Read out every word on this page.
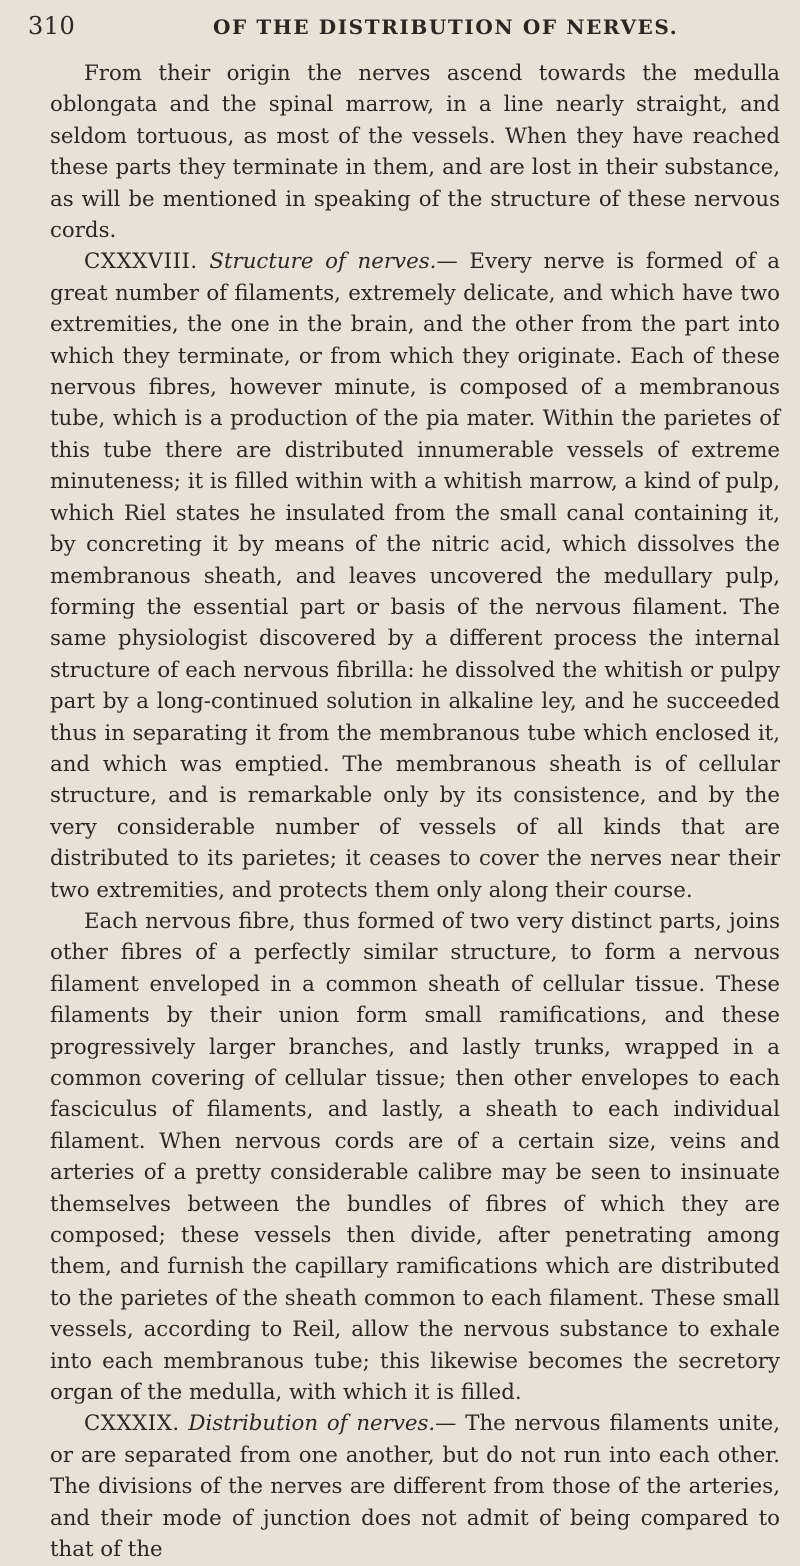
310	OF THE DISTRIBUTION OF NERVES.

From their origin the nerves ascend towards the medulla oblongata and the spinal marrow, in a line nearly straight, and seldom tortuous, as most of the vessels. When they have reached these parts they terminate in them, and are lost in their substance, as will be mentioned in speaking of the structure of these nervous cords.

CXXXVIII. Structure of nerves.— Every nerve is formed of a great number of filaments, extremely delicate, and which have two extremities, the one in the brain, and the other from the part into which they terminate, or from which they originate. Each of these nervous fibres, however minute, is composed of a membranous tube, which is a production of the pia mater. Within the parietes of this tube there are distributed innumerable vessels of extreme minuteness; it is filled within with a whitish marrow, a kind of pulp, which Riel states he insulated from the small canal containing it, by concreting it by means of the nitric acid, which dissolves the membranous sheath, and leaves uncovered the medullary pulp, forming the essential part or basis of the nervous filament. The same physiologist discovered by a different process the internal structure of each nervous fibrilla: he dissolved the whitish or pulpy part by a long-continued solution in alkaline ley, and he succeeded thus in separating it from the membranous tube which enclosed it, and which was emptied. The membranous sheath is of cellular structure, and is remarkable only by its consistence, and by the very considerable number of vessels of all kinds that are distributed to its parietes; it ceases to cover the nerves near their two extremities, and protects them only along their course.

Each nervous fibre, thus formed of two very distinct parts, joins other fibres of a perfectly similar structure, to form a nervous filament enveloped in a common sheath of cellular tissue. These filaments by their union form small ramifications, and these progressively larger branches, and lastly trunks, wrapped in a common covering of cellular tissue; then other envelopes to each fasciculus of filaments, and lastly, a sheath to each individual filament. When nervous cords are of a certain size, veins and arteries of a pretty considerable calibre may be seen to insinuate themselves between the bundles of fibres of which they are composed; these vessels then divide, after penetrating among them, and furnish the capillary ramifications which are distributed to the parietes of the sheath common to each filament. These small vessels, according to Reil, allow the nervous substance to exhale into each membranous tube; this likewise becomes the secretory organ of the medulla, with which it is filled.

CXXXIX. Distribution of nerves.— The nervous filaments unite, or are separated from one another, but do not run into each other. The divisions of the nerves are different from those of the arteries, and their mode of junction does not admit of being compared to that of the
